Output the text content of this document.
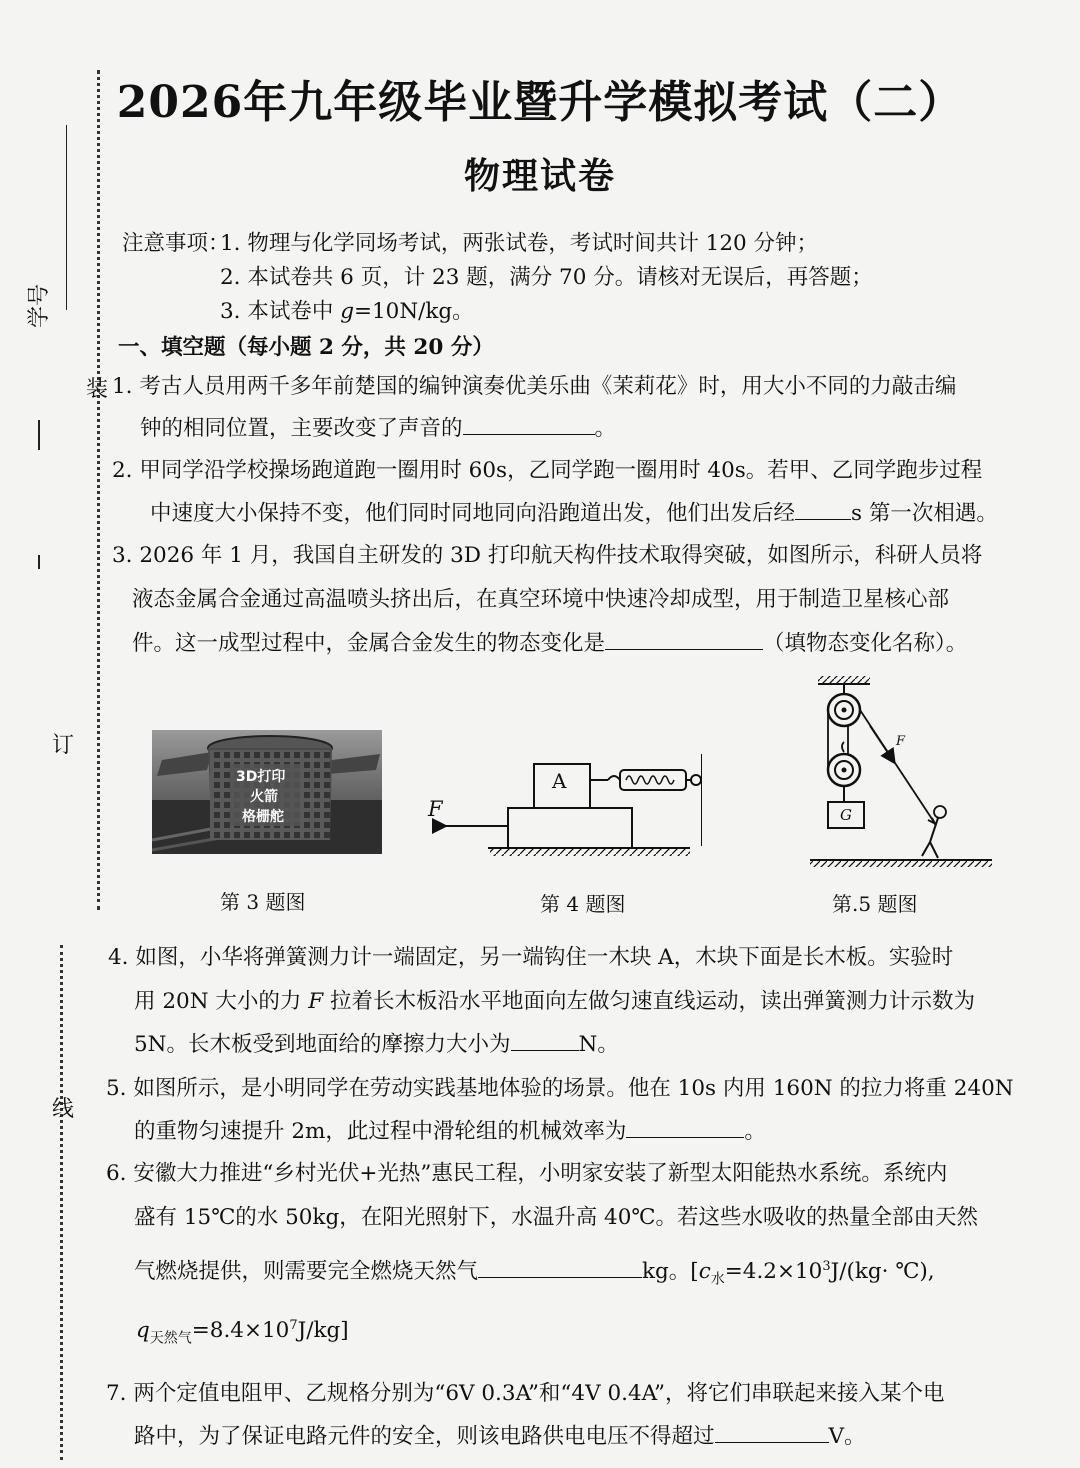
学号
装
订
线
2026年九年级毕业暨升学模拟考试（二）
物理试卷
注意事项：
1. 物理与化学同场考试，两张试卷，考试时间共计 120 分钟；
2. 本试卷共 6 页，计 23 题，满分 70 分。请核对无误后，再答题；
3. 本试卷中 g=10N/kg。
一、填空题（每小题 2 分，共 20 分）
1. 考古人员用两千多年前楚国的编钟演奏优美乐曲《茉莉花》时，用大小不同的力敲击编
钟的相同位置，主要改变了声音的	。
2. 甲同学沿学校操场跑道跑一圈用时 60s，乙同学跑一圈用时 40s。若甲、乙同学跑步过程
中速度大小保持不变，他们同时同地同向沿跑道出发，他们出发后经	s 第一次相遇。
3. 2026 年 1 月，我国自主研发的 3D 打印航天构件技术取得突破，如图所示，科研人员将
液态金属合金通过高温喷头挤出后，在真空环境中快速冷却成型，用于制造卫星核心部
件。这一成型过程中，金属合金发生的物态变化是	（填物态变化名称）。
3D打印
火箭
格栅舵
A
F	G
F
第 3 题图	第 4 题图	第.5 题图
4. 如图，小华将弹簧测力计一端固定，另一端钩住一木块 A，木块下面是长木板。实验时
用 20N 大小的力 F 拉着长木板沿水平地面向左做匀速直线运动，读出弹簧测力计示数为
5N。长木板受到地面给的摩擦力大小为	N。
5. 如图所示，是小明同学在劳动实践基地体验的场景。他在 10s 内用 160N 的拉力将重 240N
的重物匀速提升 2m，此过程中滑轮组的机械效率为	。
6. 安徽大力推进“乡村光伏+光热”惠民工程，小明家安装了新型太阳能热水系统。系统内
盛有 15℃的水 50kg，在阳光照射下，水温升高 40℃。若这些水吸收的热量全部由天然
气燃烧提供，则需要完全燃烧天然气	kg。[$c_水=4.2\times 10^3J/(kg\cdot$ ℃),
$q_{天然气}=8.4\times 10^7J/kg$]
7. 两个定值电阻甲、乙规格分别为“6V 0.3A”和“4V 0.4A”，将它们串联起来接入某个电
路中，为了保证电路元件的安全，则该电路供电电压不得超过	V。
